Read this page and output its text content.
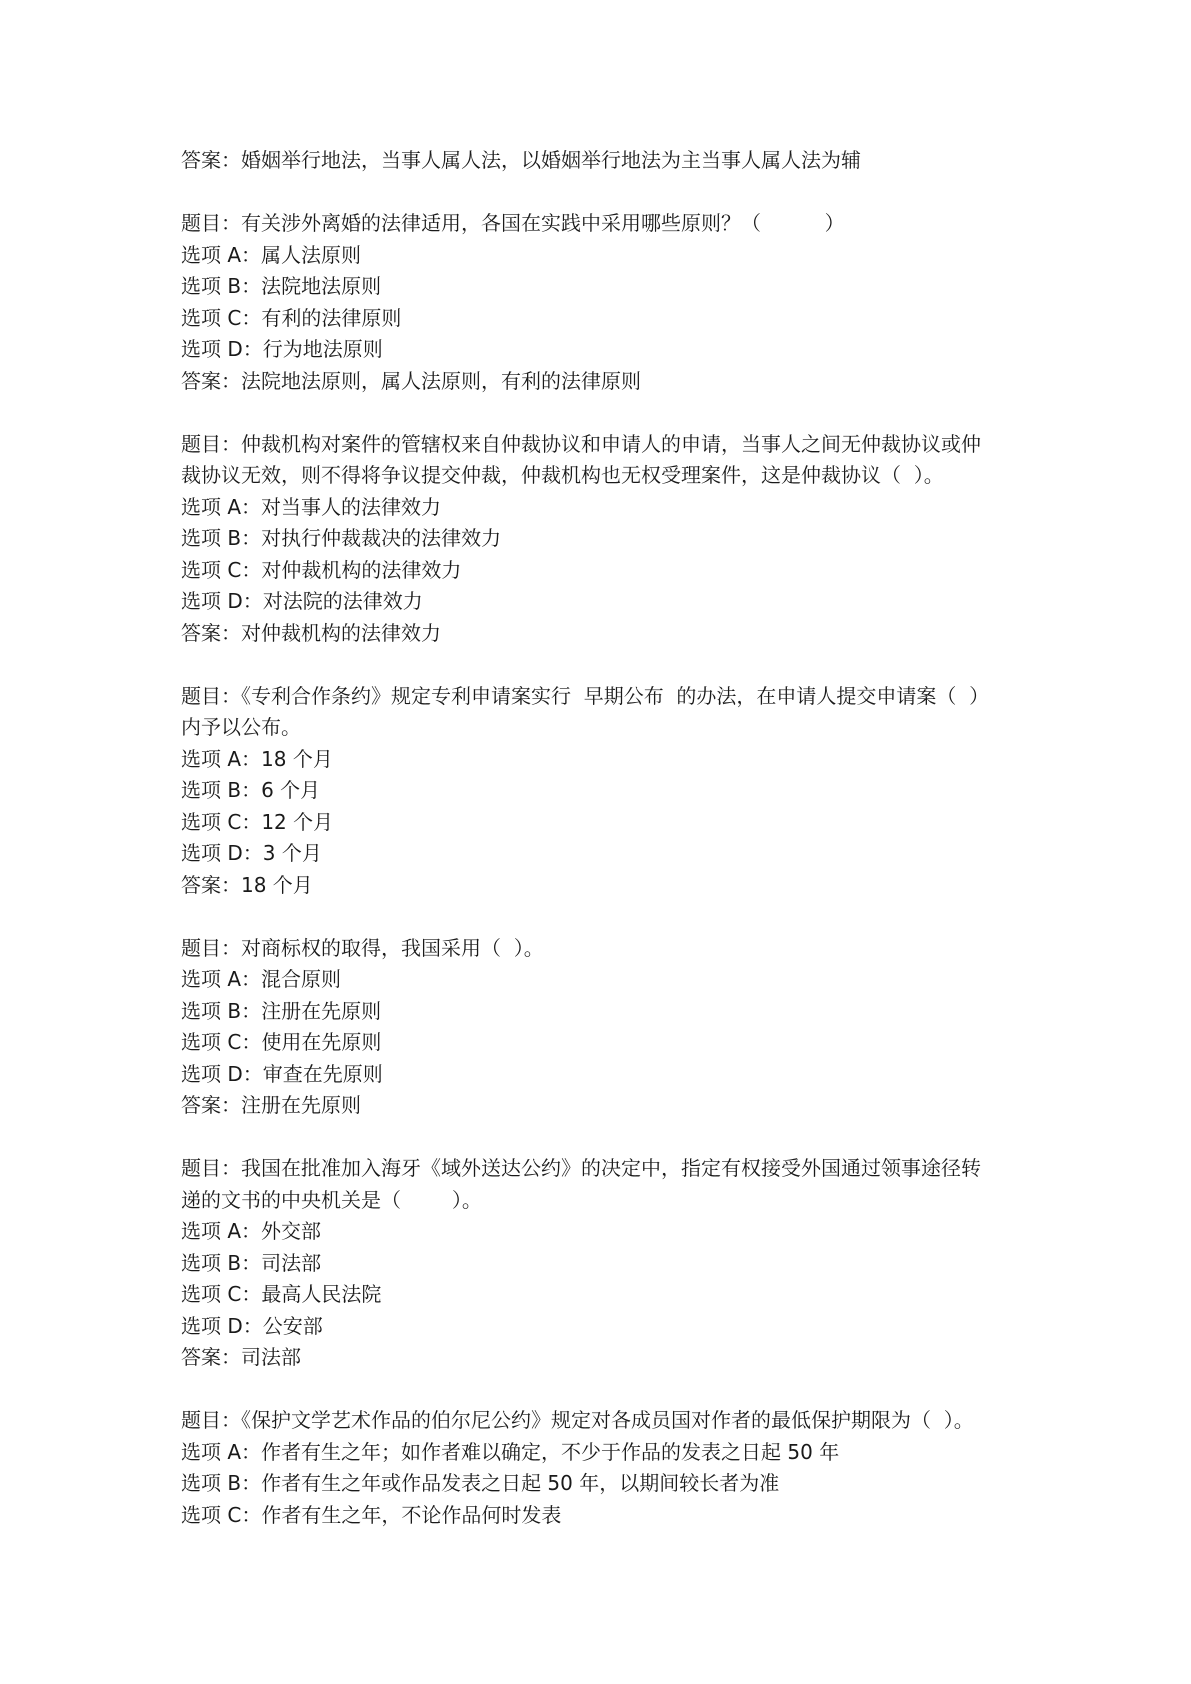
答案：婚姻举行地法，当事人属人法，以婚姻举行地法为主当事人属人法为辅

题目：有关涉外离婚的法律适用，各国在实践中采用哪些原则？（          ）

选项 A：属人法原则

选项 B：法院地法原则

选项 C：有利的法律原则

选项 D：行为地法原则

答案：法院地法原则，属人法原则，有利的法律原则

题目：仲裁机构对案件的管辖权来自仲裁协议和申请人的申请，当事人之间无仲裁协议或仲

裁协议无效，则不得将争议提交仲裁，仲裁机构也无权受理案件，这是仲裁协议（  ）。

选项 A：对当事人的法律效力

选项 B：对执行仲裁裁决的法律效力

选项 C：对仲裁机构的法律效力

选项 D：对法院的法律效力

答案：对仲裁机构的法律效力

题目：《专利合作条约》规定专利申请案实行  早期公布  的办法，在申请人提交申请案（  ）

内予以公布。

选项 A：18 个月

选项 B：6 个月

选项 C：12 个月

选项 D：3 个月

答案：18 个月

题目：对商标权的取得，我国采用（  ）。

选项 A：混合原则

选项 B：注册在先原则

选项 C：使用在先原则

选项 D：审查在先原则

答案：注册在先原则

题目：我国在批准加入海牙《域外送达公约》的决定中，指定有权接受外国通过领事途径转

递的文书的中央机关是（        ）。

选项 A：外交部

选项 B：司法部

选项 C：最高人民法院

选项 D：公安部

答案：司法部

题目：《保护文学艺术作品的伯尔尼公约》规定对各成员国对作者的最低保护期限为（  ）。

选项 A：作者有生之年；如作者难以确定，不少于作品的发表之日起 50 年

选项 B：作者有生之年或作品发表之日起 50 年，以期间较长者为准

选项 C：作者有生之年，不论作品何时发表
